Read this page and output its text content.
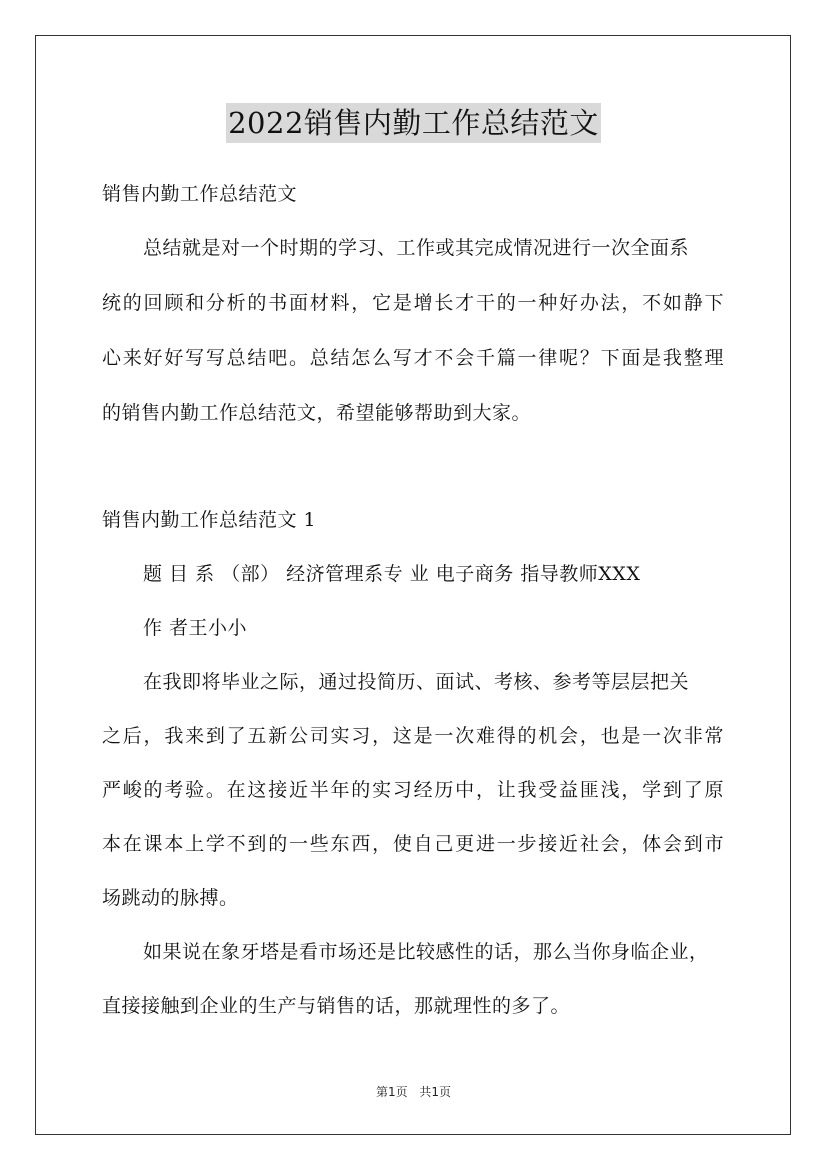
2022销售内勤工作总结范文
销售内勤工作总结范文
总结就是对一个时期的学习、工作或其完成情况进行一次全面系
统的回顾和分析的书面材料，它是增长才干的一种好办法，不如静下
心来好好写写总结吧。总结怎么写才不会千篇一律呢？下面是我整理
的销售内勤工作总结范文，希望能够帮助到大家。
销售内勤工作总结范文 1
题 目 系 （部） 经济管理系专 业 电子商务 指导教师XXX
作 者王小小
在我即将毕业之际，通过投简历、面试、考核、参考等层层把关
之后，我来到了五新公司实习，这是一次难得的机会，也是一次非常
严峻的考验。在这接近半年的实习经历中，让我受益匪浅，学到了原
本在课本上学不到的一些东西，使自己更进一步接近社会，体会到市
场跳动的脉搏。
如果说在象牙塔是看市场还是比较感性的话，那么当你身临企业，
直接接触到企业的生产与销售的话，那就理性的多了。
第1页 共1页
